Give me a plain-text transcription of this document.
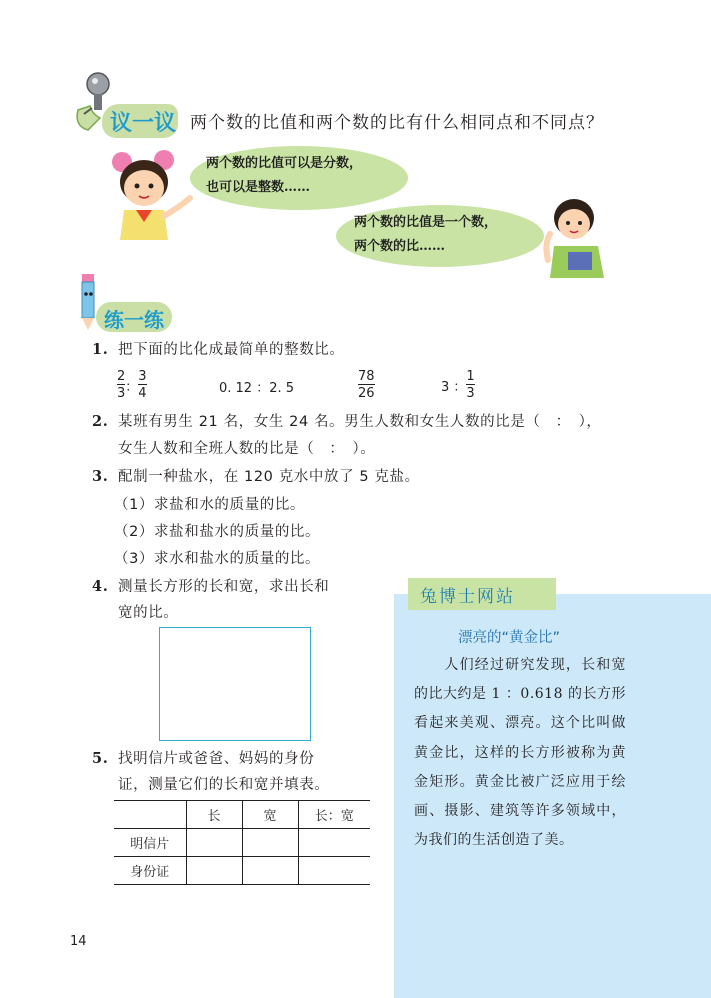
议一议 两个数的比值和两个数的比有什么相同点和不同点？
两个数的比值可以是分数，
也可以是整数……
两个数的比值是一个数，
两个数的比……
练一练
1. 把下面的比化成最简单的整数比。
$\frac{2}{3}$ ： $\frac{3}{4}$	0. 12 ：2. 5	$\frac{78}{26}$	3 ： $\frac{1}{3}$
2. 某班有男生 21 名，女生 24 名。男生人数和女生人数的比是（　：　），
女生人数和全班人数的比是（　：　）。
3. 配制一种盐水，在 120 克水中放了 5 克盐。
（1）求盐和水的质量的比。
（2）求盐和盐水的质量的比。
（3）求水和盐水的质量的比。
4. 测量长方形的长和宽，求出长和
宽的比。
5. 找明信片或爸爸、妈妈的身份
证，测量它们的长和宽并填表。
	长	宽	长：宽
明信片			
身份证			
兔博士网站
漂亮的“黄金比”
　　人们经过研究发现，长和宽的比大约是 1 ：0.618 的长方形看起来美观、漂亮。这个比叫做黄金比，这样的长方形被称为黄金矩形。黄金比被广泛应用于绘画、摄影、建筑等许多领域中，为我们的生活创造了美。
14
